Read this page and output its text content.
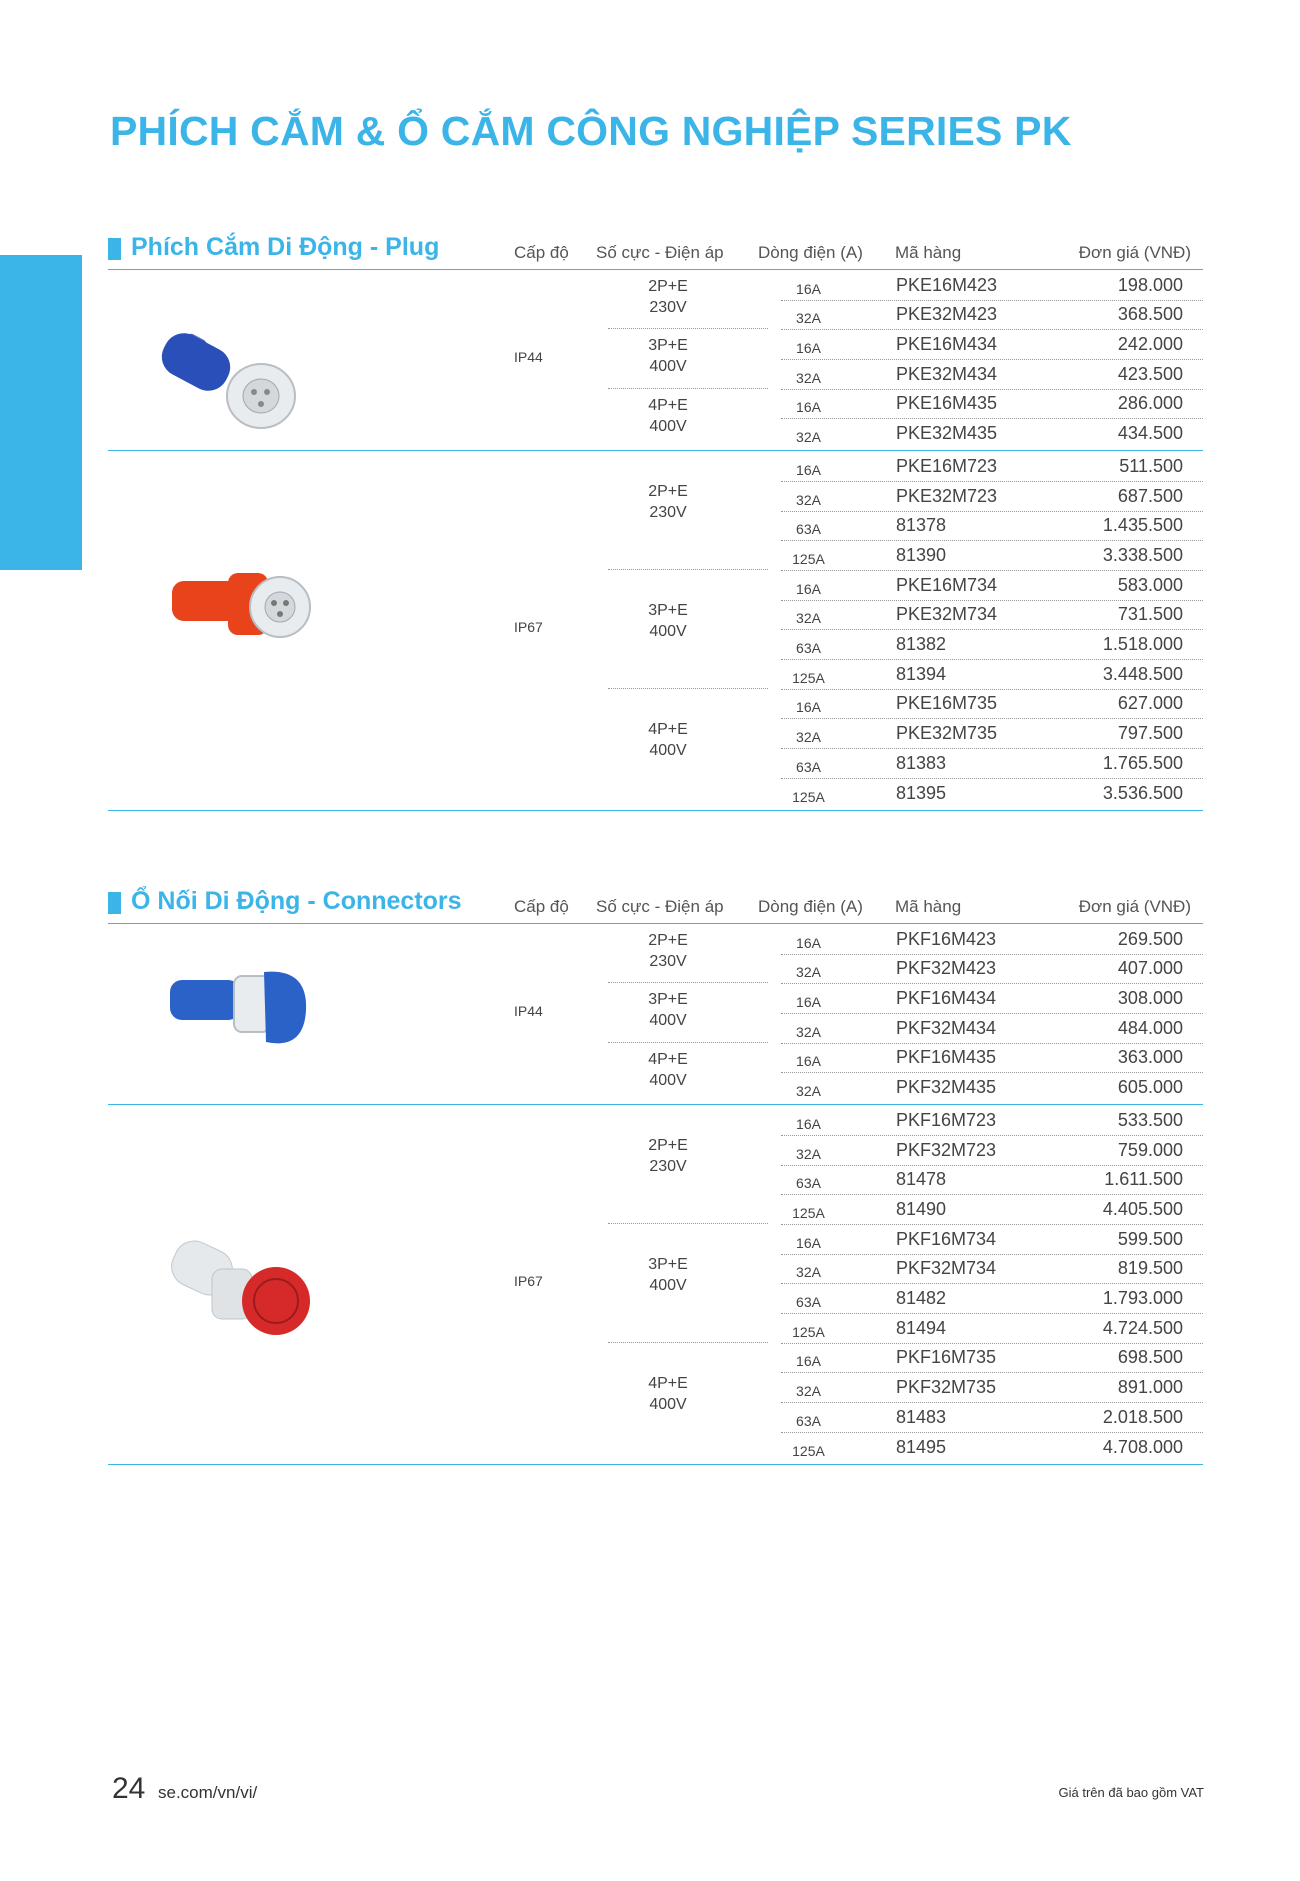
PHÍCH CẮM & Ổ CẮM CÔNG NGHIỆP SERIES PK
Phích Cắm Di Động - Plug	Cấp độ Số cực - Điện áp Dòng điện (A) Mã hàng	Đơn giá (VNĐ)
IP44
2P+E
230V
16A	PKE16M423	198.000
32A	PKE32M423	368.500
3P+E
400V
16A	PKE16M434	242.000
32A	PKE32M434	423.500
4P+E
400V
16A	PKE16M435	286.000
32A	PKE32M435	434.500
IP67
2P+E
230V
16A	PKE16M723	511.500
32A	PKE32M723	687.500
63A	81378	1.435.500
125A	81390	3.338.500
3P+E
400V
16A	PKE16M734	583.000
32A	PKE32M734	731.500
63A	81382	1.518.000
125A	81394	3.448.500
4P+E
400V
16A	PKE16M735	627.000
32A	PKE32M735	797.500
63A	81383	1.765.500
125A	81395	3.536.500
Ổ Nối Di Động - Connectors	Cấp độ Số cực - Điện áp Dòng điện (A) Mã hàng	Đơn giá (VNĐ)
IP44
2P+E
230V
16A	PKF16M423	269.500
32A	PKF32M423	407.000
3P+E
400V
16A	PKF16M434	308.000
32A	PKF32M434	484.000
4P+E
400V
16A	PKF16M435	363.000
32A	PKF32M435	605.000
IP67
2P+E
230V
16A	PKF16M723	533.500
32A	PKF32M723	759.000
63A	81478	1.611.500
125A	81490	4.405.500
3P+E
400V
16A	PKF16M734	599.500
32A	PKF32M734	819.500
63A	81482	1.793.000
125A	81494	4.724.500
4P+E
400V
16A	PKF16M735	698.500
32A	PKF32M735	891.000
63A	81483	2.018.500
125A	81495	4.708.000
24 se.com/vn/vi/	Giá trên đã bao gồm VAT
